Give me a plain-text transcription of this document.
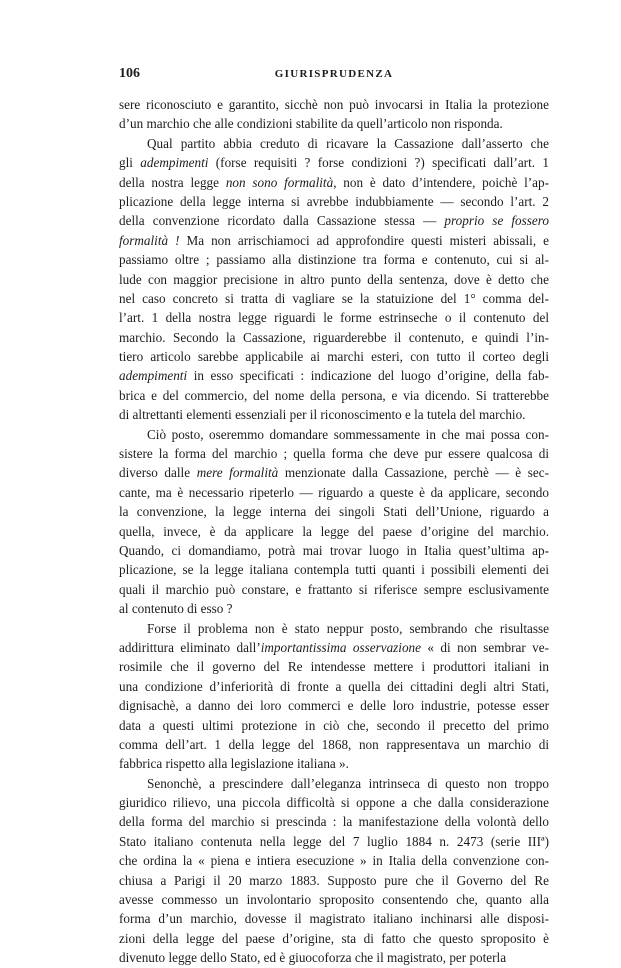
106	GIURISPRUDENZA
sere riconosciuto e garantito, sicchè non può invocarsi in Italia la protezione
d’un marchio che alle condizioni stabilite da quell’articolo non risponda.
Qual partito abbia creduto di ricavare la Cassazione dall’asserto che
gli adempimenti (forse requisiti ? forse condizioni ?) specificati dall’art. 1
della nostra legge non sono formalità, non è dato d’intendere, poichè l’ap-
plicazione della legge interna si avrebbe indubbiamente — secondo l’art. 2
della convenzione ricordato dalla Cassazione stessa — proprio se fossero
formalità ! Ma non arrischiamoci ad approfondire questi misteri abissali, e
passiamo oltre ; passiamo alla distinzione tra forma e contenuto, cui si al-
lude con maggior precisione in altro punto della sentenza, dove è detto che
nel caso concreto si tratta di vagliare se la statuizione del 1° comma del-
l’art. 1 della nostra legge riguardi le forme estrinseche o il contenuto del
marchio. Secondo la Cassazione, riguarderebbe il contenuto, e quindi l’in-
tiero articolo sarebbe applicabile ai marchi esteri, con tutto il corteo degli
adempimenti in esso specificati : indicazione del luogo d’origine, della fab-
brica e del commercio, del nome della persona, e via dicendo. Si tratterebbe
di altrettanti elementi essenziali per il riconoscimento e la tutela del marchio.
Ciò posto, oseremmo domandare sommessamente in che mai possa con-
sistere la forma del marchio ; quella forma che deve pur essere qualcosa di
diverso dalle mere formalità menzionate dalla Cassazione, perchè — è sec-
cante, ma è necessario ripeterlo — riguardo a queste è da applicare, secondo
la convenzione, la legge interna dei singoli Stati dell’Unione, riguardo a
quella, invece, è da applicare la legge del paese d’origine del marchio.
Quando, ci domandiamo, potrà mai trovar luogo in Italia quest’ultima ap-
plicazione, se la legge italiana contempla tutti quanti i possibili elementi dei
quali il marchio può constare, e frattanto si riferisce sempre esclusivamente
al contenuto di esso ?
Forse il problema non è stato neppur posto, sembrando che risultasse
addirittura eliminato dall’importantissima osservazione « di non sembrar ve-
rosimile che il governo del Re intendesse mettere i produttori italiani in
una condizione d’inferiorità di fronte a quella dei cittadini degli altri Stati,
dignisachè, a danno dei loro commerci e delle loro industrie, potesse esser
data a questi ultimi protezione in ciò che, secondo il precetto del primo
comma dell’art. 1 della legge del 1868, non rappresentava un marchio di
fabbrica rispetto alla legislazione italiana ».
Senonchè, a prescindere dall’eleganza intrinseca di questo non troppo
giuridico rilievo, una piccola difficoltà si oppone a che dalla considerazione
della forma del marchio si prescinda : la manifestazione della volontà dello
Stato italiano contenuta nella legge del 7 luglio 1884 n. 2473 (serie IIIª)
che ordina la « piena e intiera esecuzione » in Italia della convenzione con-
chiusa a Parigi il 20 marzo 1883. Supposto pure che il Governo del Re
avesse commesso un involontario sproposito consentendo che, quanto alla
forma d’un marchio, dovesse il magistrato italiano inchinarsi alle disposi-
zioni della legge del paese d’origine, sta di fatto che questo sproposito è
divenuto legge dello Stato, ed è giuocoforza che il magistrato, per poterla
